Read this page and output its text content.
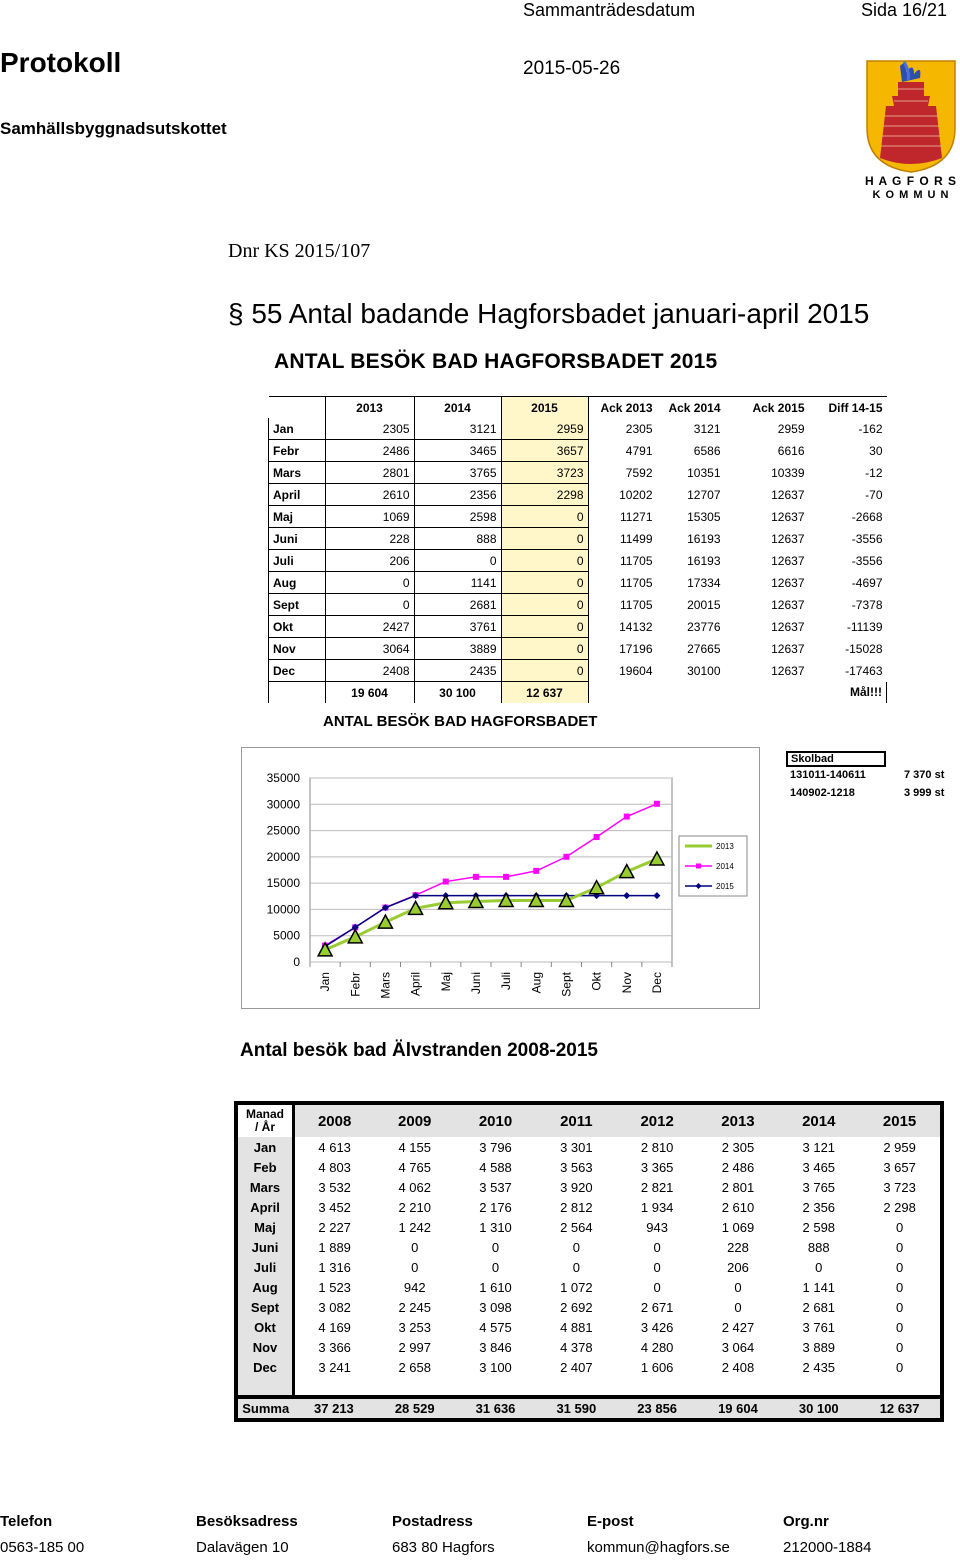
Sammanträdesdatum	Sida 16/21
Protokoll	2015-05-26
Samhällsbyggnadsutskottet
H A G F O R S
K O M M U N
Dnr KS 2015/107
§ 55 Antal badande Hagforsbadet januari-april 2015
ANTAL BESÖK BAD HAGFORSBADET 2015
	2013	2014	2015	Ack 2013	Ack 2014	Ack 2015	Diff 14-15
Jan	2305	3121	2959	2305	3121	2959	-162
Febr	2486	3465	3657	4791	6586	6616	30
Mars	2801	3765	3723	7592	10351	10339	-12
April	2610	2356	2298	10202	12707	12637	-70
Maj	1069	2598	0	11271	15305	12637	-2668
Juni	228	888	0	11499	16193	12637	-3556
Juli	206	0	0	11705	16193	12637	-3556
Aug	0	1141	0	11705	17334	12637	-4697
Sept	0	2681	0	11705	20015	12637	-7378
Okt	2427	3761	0	14132	23776	12637	-11139
Nov	3064	3889	0	17196	27665	12637	-15028
Dec	2408	2435	0	19604	30100	12637	-17463
	19 604	30 100	12 637				Mål!!!
ANTAL BESÖK BAD HAGFORSBADET
0
5000
10000
15000
20000
25000
30000
35000
Jan Febr Mars April Maj Juni Juli Aug Sept Okt Nov Dec
2013
2014
2015
Skolbad
131011-140611	7 370 st
140902-1218	3 999 st
Antal besök bad Älvstranden 2008-2015
Manad
/ År	2008	2009	2010	2011	2012	2013	2014	2015
Jan	4 613	4 155	3 796	3 301	2 810	2 305	3 121	2 959
Feb	4 803	4 765	4 588	3 563	3 365	2 486	3 465	3 657
Mars	3 532	4 062	3 537	3 920	2 821	2 801	3 765	3 723
April	3 452	2 210	2 176	2 812	1 934	2 610	2 356	2 298
Maj	2 227	1 242	1 310	2 564	943	1 069	2 598	0
Juni	1 889	0	0	0	0	228	888	0
Juli	1 316	0	0	0	0	206	0	0
Aug	1 523	942	1 610	1 072	0	0	1 141	0
Sept	3 082	2 245	3 098	2 692	2 671	0	2 681	0
Okt	4 169	3 253	4 575	4 881	3 426	2 427	3 761	0
Nov	3 366	2 997	3 846	4 378	4 280	3 064	3 889	0
Dec	3 241	2 658	3 100	2 407	1 606	2 408	2 435	0

Summa	37 213	28 529	31 636	31 590	23 856	19 604	30 100	12 637
Telefon	Besöksadress	Postadress	E-post	Org.nr
0563-185 00	Dalavägen 10	683 80 Hagfors	kommun@hagfors.se	212000-1884
